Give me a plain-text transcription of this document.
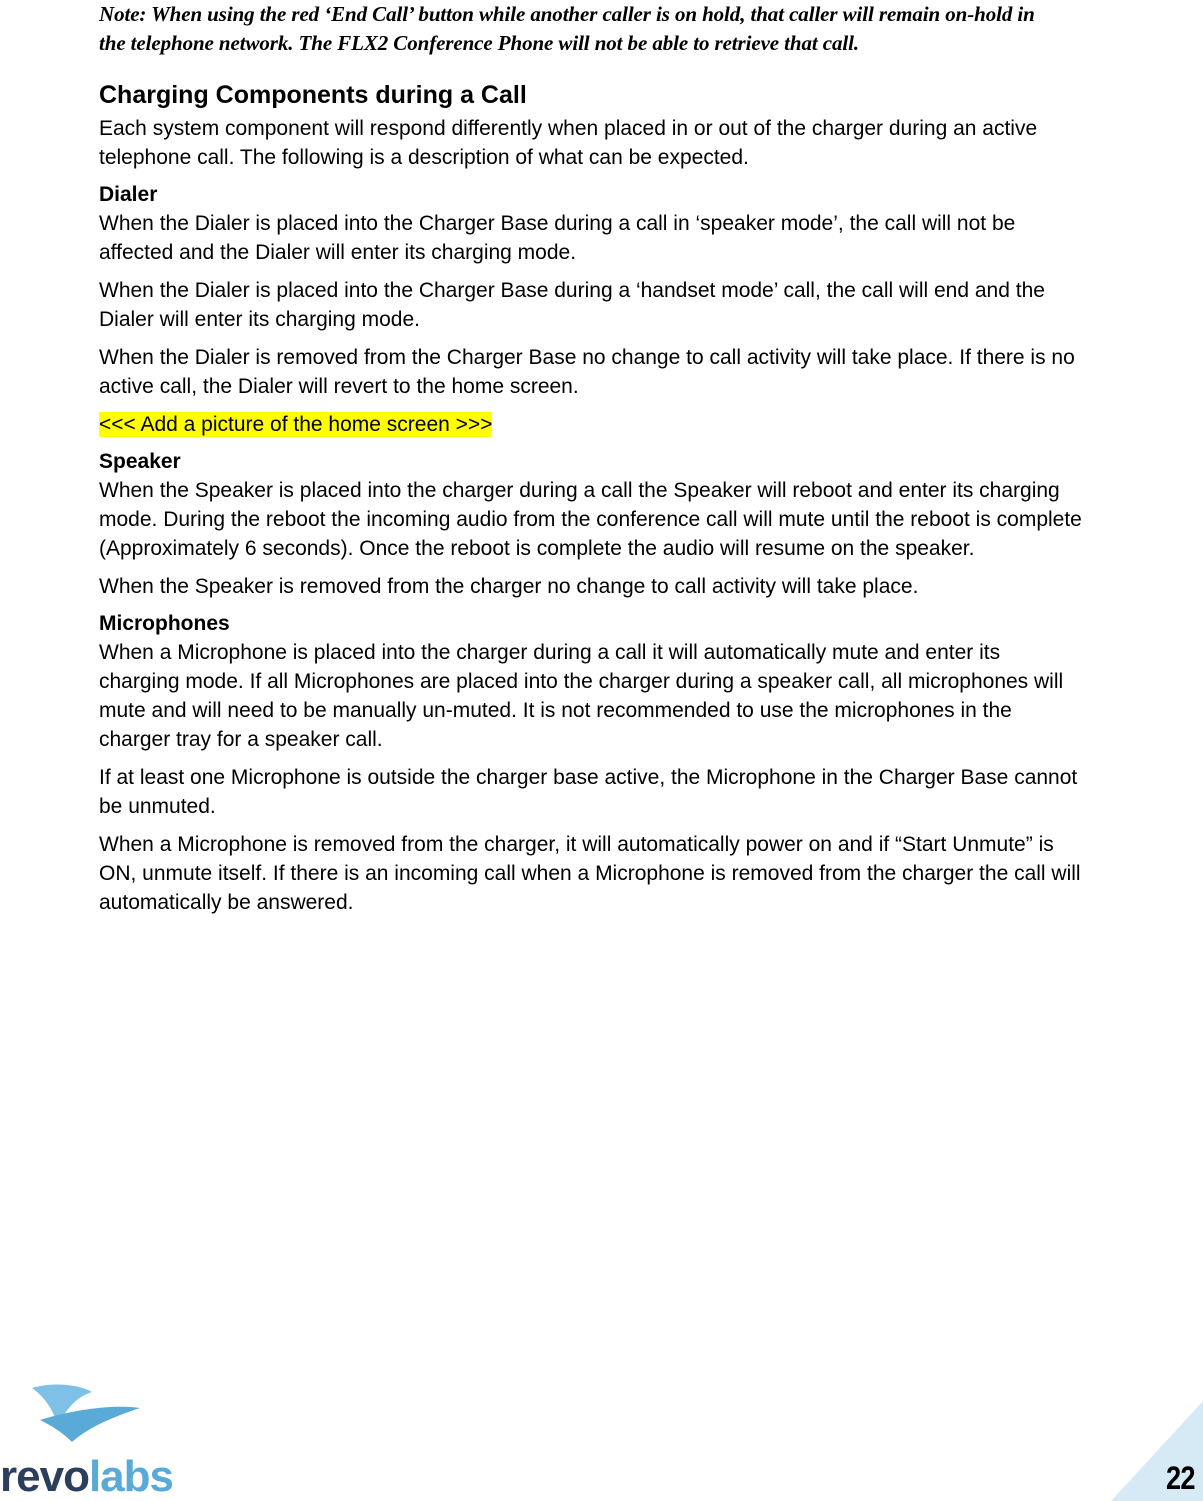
Note: When using the red ‘End Call’ button while another caller is on hold, that caller will remain on-hold in the telephone network. The FLX2 Conference Phone will not be able to retrieve that call.

Charging Components during a Call

Each system component will respond differently when placed in or out of the charger during an active telephone call. The following is a description of what can be expected.

Dialer

When the Dialer is placed into the Charger Base during a call in ‘speaker mode’, the call will not be affected and the Dialer will enter its charging mode.

When the Dialer is placed into the Charger Base during a ‘handset mode’ call, the call will end and the Dialer will enter its charging mode.

When the Dialer is removed from the Charger Base no change to call activity will take place. If there is no active call, the Dialer will revert to the home screen.

<<< Add a picture of the home screen >>>

Speaker

When the Speaker is placed into the charger during a call the Speaker will reboot and enter its charging mode. During the reboot the incoming audio from the conference call will mute until the reboot is complete (Approximately 6 seconds). Once the reboot is complete the audio will resume on the speaker.

When the Speaker is removed from the charger no change to call activity will take place.

Microphones

When a Microphone is placed into the charger during a call it will automatically mute and enter its charging mode. If all Microphones are placed into the charger during a speaker call, all microphones will mute and will need to be manually un-muted. It is not recommended to use the microphones in the charger tray for a speaker call.

If at least one Microphone is outside the charger base active, the Microphone in the Charger Base cannot be unmuted.

When a Microphone is removed from the charger, it will automatically power on and if “Start Unmute” is ON, unmute itself. If there is an incoming call when a Microphone is removed from the charger the call will automatically be answered.

revolabs	22
